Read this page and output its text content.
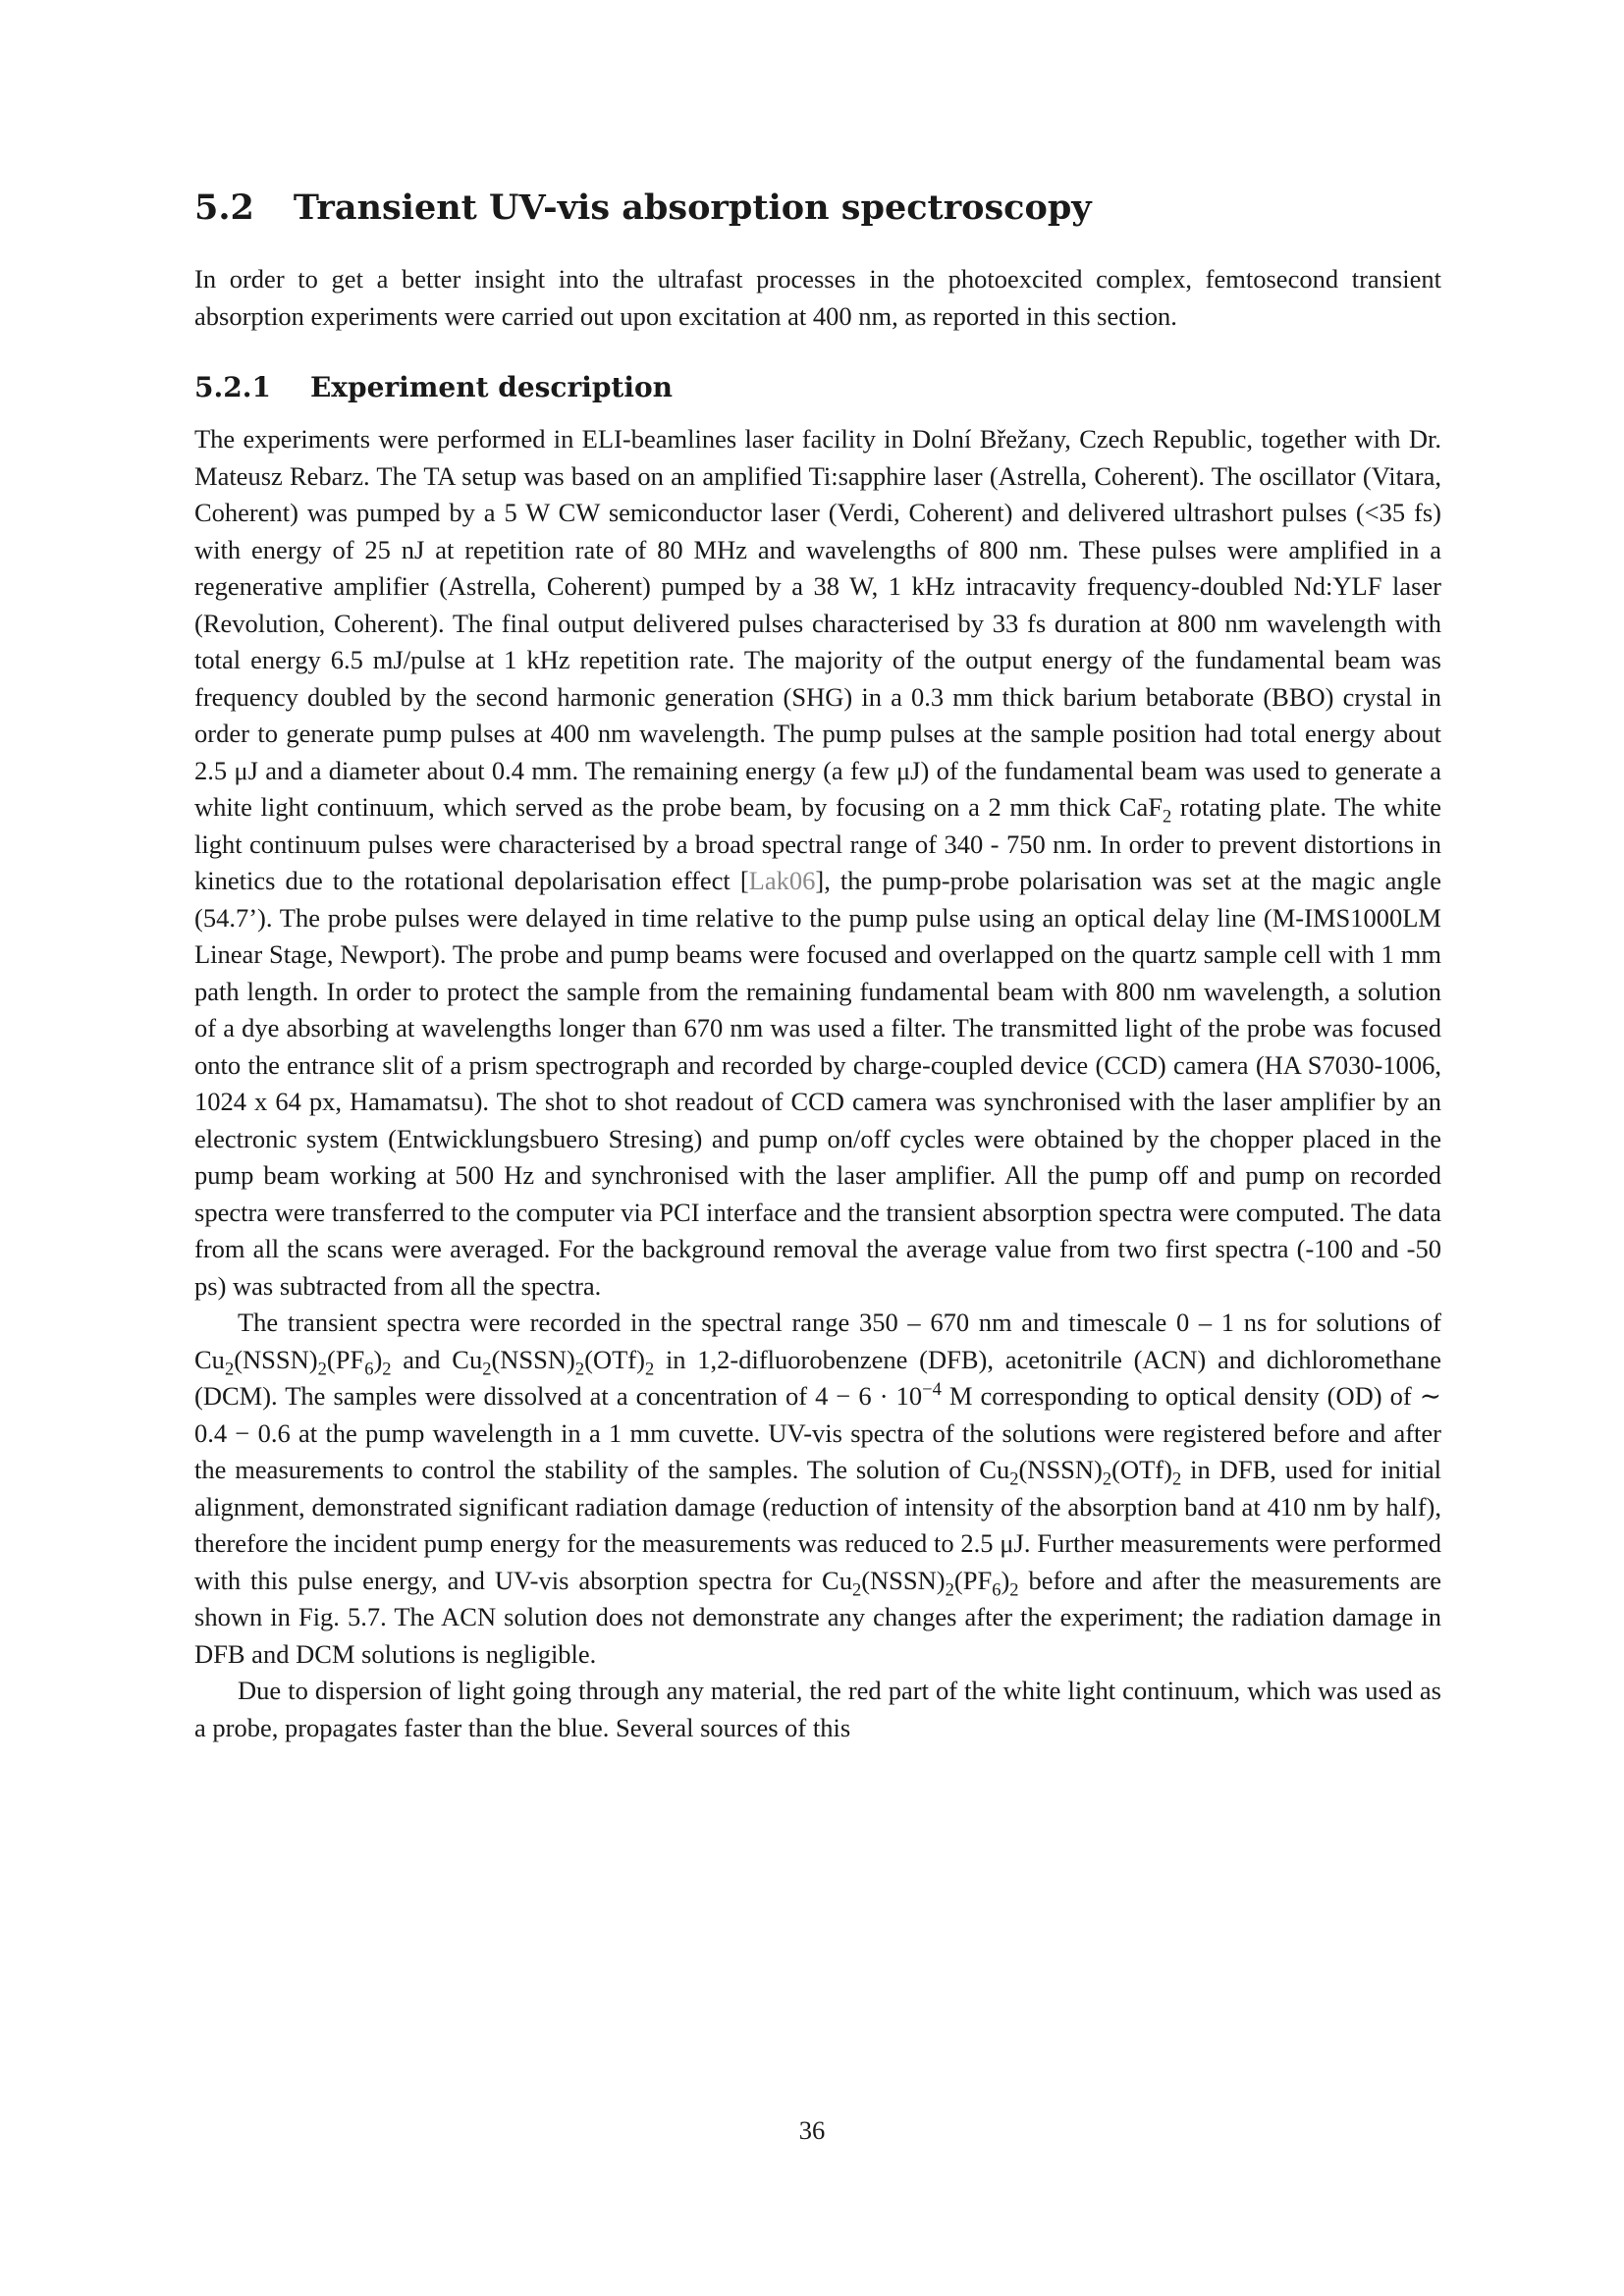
5.2 Transient UV-vis absorption spectroscopy

In order to get a better insight into the ultrafast processes in the photoexcited complex, femtosecond transient absorption experiments were carried out upon excitation at 400 nm, as reported in this section.

5.2.1 Experiment description

The experiments were performed in ELI-beamlines laser facility in Dolní Břežany, Czech Republic, together with Dr. Mateusz Rebarz. The TA setup was based on an amplified Ti:sapphire laser (Astrella, Coherent). The oscillator (Vitara, Coherent) was pumped by a 5 W CW semiconductor laser (Verdi, Coherent) and delivered ultrashort pulses (<35 fs) with energy of 25 nJ at repetition rate of 80 MHz and wavelengths of 800 nm. These pulses were amplified in a regenerative amplifier (Astrella, Coherent) pumped by a 38 W, 1 kHz intracavity frequency-doubled Nd:YLF laser (Revolution, Coherent). The final output delivered pulses characterised by 33 fs duration at 800 nm wavelength with total energy 6.5 mJ/pulse at 1 kHz repetition rate. The majority of the output energy of the fundamental beam was frequency doubled by the second harmonic generation (SHG) in a 0.3 mm thick barium betaborate (BBO) crystal in order to generate pump pulses at 400 nm wavelength. The pump pulses at the sample position had total energy about 2.5 μJ and a diameter about 0.4 mm. The remaining energy (a few μJ) of the fundamental beam was used to generate a white light continuum, which served as the probe beam, by focusing on a 2 mm thick CaF$_2$ rotating plate. The white light continuum pulses were characterised by a broad spectral range of 340 - 750 nm. In order to prevent distortions in kinetics due to the rotational depolarisation effect [Lak06], the pump-probe polarisation was set at the magic angle (54.7’). The probe pulses were delayed in time relative to the pump pulse using an optical delay line (M-IMS1000LM Linear Stage, Newport). The probe and pump beams were focused and overlapped on the quartz sample cell with 1 mm path length. In order to protect the sample from the remaining fundamental beam with 800 nm wavelength, a solution of a dye absorbing at wavelengths longer than 670 nm was used a filter. The transmitted light of the probe was focused onto the entrance slit of a prism spectrograph and recorded by charge-coupled device (CCD) camera (HA S7030-1006, 1024 x 64 px, Hamamatsu). The shot to shot readout of CCD camera was synchronised with the laser amplifier by an electronic system (Entwicklungsbuero Stresing) and pump on/off cycles were obtained by the chopper placed in the pump beam working at 500 Hz and synchronised with the laser amplifier. All the pump off and pump on recorded spectra were transferred to the computer via PCI interface and the transient absorption spectra were computed. The data from all the scans were averaged. For the background removal the average value from two first spectra (-100 and -50 ps) was subtracted from all the spectra.

The transient spectra were recorded in the spectral range 350 – 670 nm and timescale 0 – 1 ns for solutions of $Cu_2(NSSN)_2(PF_6)_2$ and $Cu_2(NSSN)_2(OTf)_2$ in 1,2-difluorobenzene (DFB), acetonitrile (ACN) and dichloromethane (DCM). The samples were dissolved at a concentration of $4 - 6 \cdot 10^{-4}$ M corresponding to optical density (OD) of ∼ 0.4 − 0.6 at the pump wavelength in a 1 mm cuvette. UV-vis spectra of the solutions were registered before and after the measurements to control the stability of the samples. The solution of $Cu_2(NSSN)_2(OTf)_2$ in DFB, used for initial alignment, demonstrated significant radiation damage (reduction of intensity of the absorption band at 410 nm by half), therefore the incident pump energy for the measurements was reduced to 2.5 μJ. Further measurements were performed with this pulse energy, and UV-vis absorption spectra for $Cu_2(NSSN)_2(PF_6)_2$ before and after the measurements are shown in Fig. 5.7. The ACN solution does not demonstrate any changes after the experiment; the radiation damage in DFB and DCM solutions is negligible.

Due to dispersion of light going through any material, the red part of the white light continuum, which was used as a probe, propagates faster than the blue. Several sources of this

36
